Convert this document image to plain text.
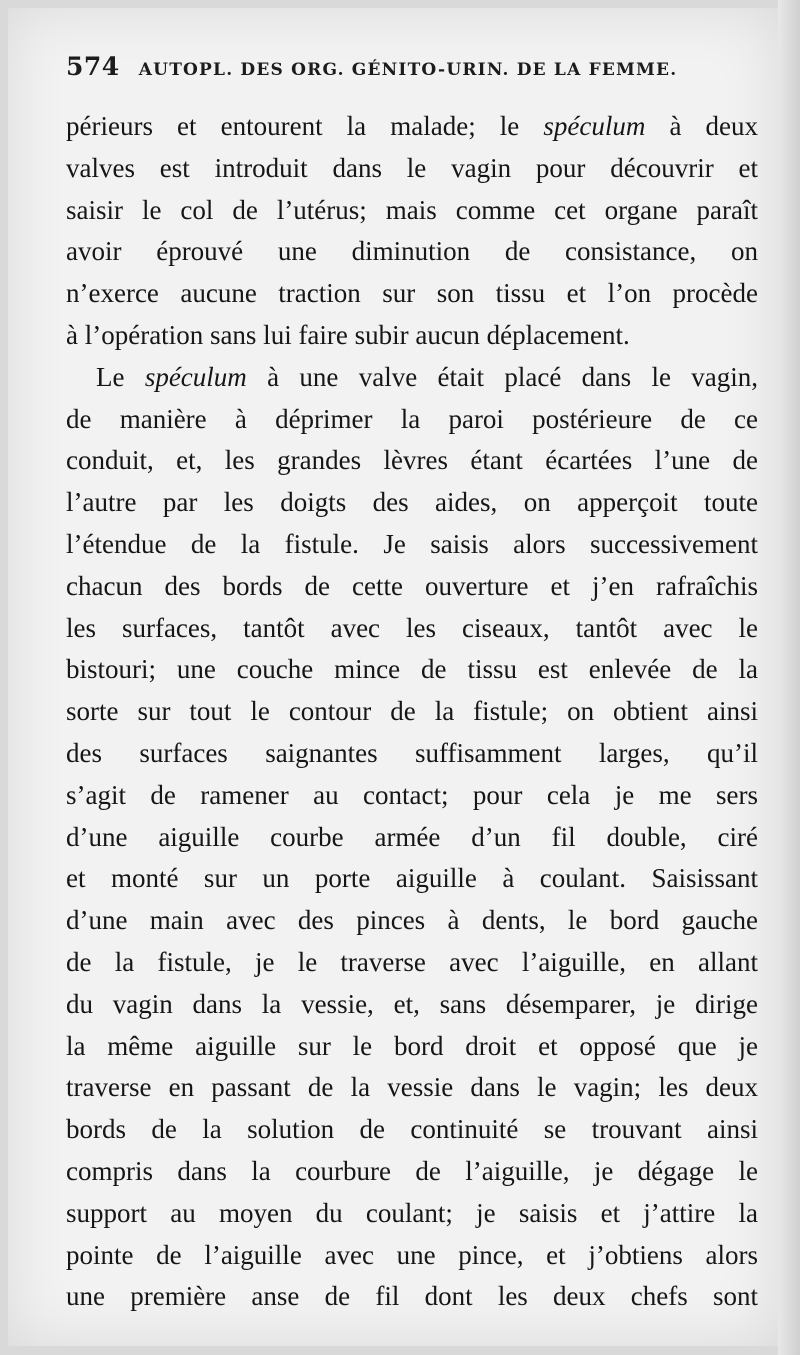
574 AUTOPL. DES ORG. GÉNITO-URIN. DE LA FEMME.
périeurs et entourent la malade; le spéculum à deux
valves est introduit dans le vagin pour découvrir et
saisir le col de l’utérus; mais comme cet organe paraît
avoir éprouvé une diminution de consistance, on
n’exerce aucune traction sur son tissu et l’on procède
à l’opération sans lui faire subir aucun déplacement.
Le spéculum à une valve était placé dans le vagin,
de manière à déprimer la paroi postérieure de ce
conduit, et, les grandes lèvres étant écartées l’une de
l’autre par les doigts des aides, on apperçoit toute
l’étendue de la fistule. Je saisis alors successivement
chacun des bords de cette ouverture et j’en rafraîchis
les surfaces, tantôt avec les ciseaux, tantôt avec le
bistouri; une couche mince de tissu est enlevée de la
sorte sur tout le contour de la fistule; on obtient ainsi
des surfaces saignantes suffisamment larges, qu’il
s’agit de ramener au contact; pour cela je me sers
d’une aiguille courbe armée d’un fil double, ciré
et monté sur un porte aiguille à coulant. Saisissant
d’une main avec des pinces à dents, le bord gauche
de la fistule, je le traverse avec l’aiguille, en allant
du vagin dans la vessie, et, sans désemparer, je dirige
la même aiguille sur le bord droit et opposé que je
traverse en passant de la vessie dans le vagin; les deux
bords de la solution de continuité se trouvant ainsi
compris dans la courbure de l’aiguille, je dégage le
support au moyen du coulant; je saisis et j’attire la
pointe de l’aiguille avec une pince, et j’obtiens alors
une première anse de fil dont les deux chefs sont
